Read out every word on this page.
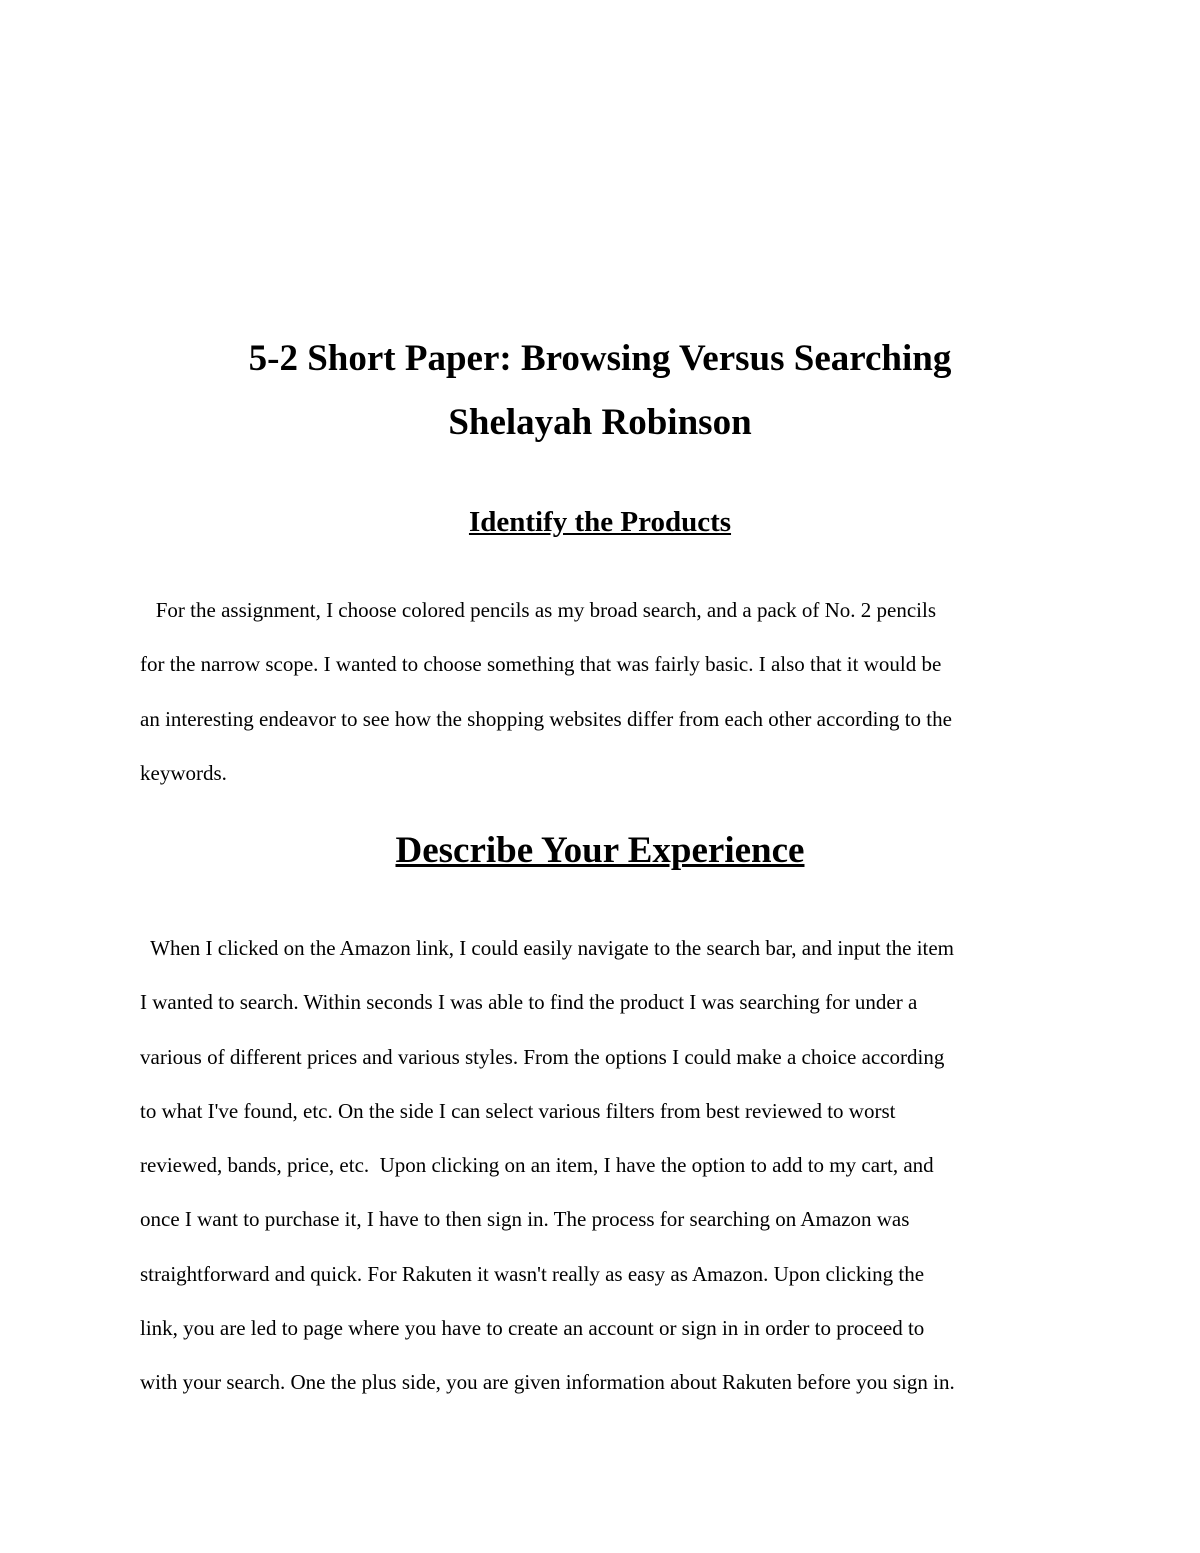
5-2 Short Paper: Browsing Versus Searching
Shelayah Robinson
Identify the Products

For the assignment, I choose colored pencils as my broad search, and a pack of No. 2 pencils
for the narrow scope. I wanted to choose something that was fairly basic. I also that it would be
an interesting endeavor to see how the shopping websites differ from each other according to the
keywords.

Describe Your Experience

When I clicked on the Amazon link, I could easily navigate to the search bar, and input the item
I wanted to search. Within seconds I was able to find the product I was searching for under a
various of different prices and various styles. From the options I could make a choice according
to what I've found, etc. On the side I can select various filters from best reviewed to worst
reviewed, bands, price, etc.  Upon clicking on an item, I have the option to add to my cart, and
once I want to purchase it, I have to then sign in. The process for searching on Amazon was
straightforward and quick. For Rakuten it wasn't really as easy as Amazon. Upon clicking the
link, you are led to page where you have to create an account or sign in in order to proceed to
with your search. One the plus side, you are given information about Rakuten before you sign in.
